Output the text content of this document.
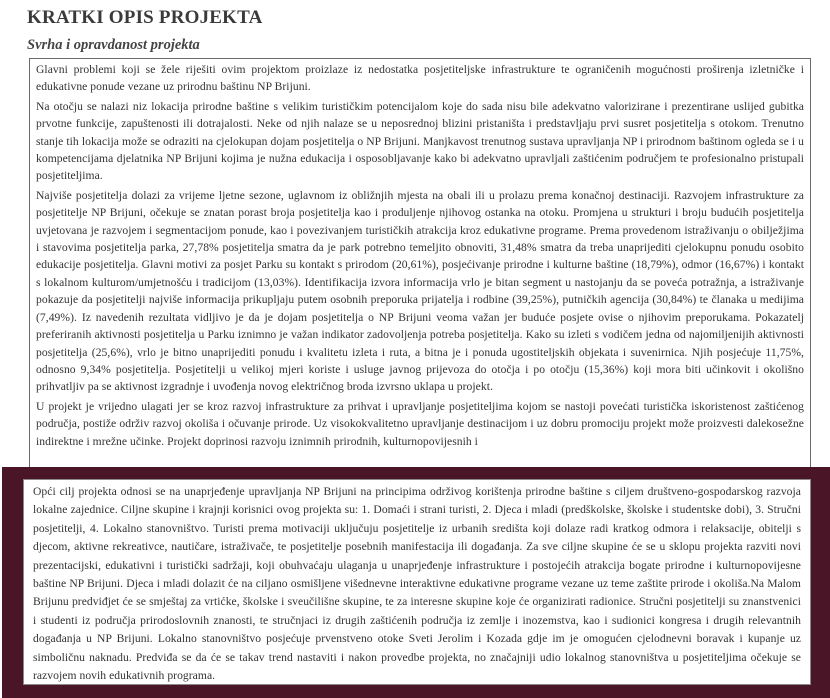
KRATKI OPIS PROJEKTA
Svrha i opravdanost projekta

Glavni problemi koji se žele riješiti ovim projektom proizlaze iz nedostatka posjetiteljske infrastrukture te ograničenih mogućnosti proširenja izletničke i edukativne ponude vezane uz prirodnu baštinu NP Brijuni.

Na otočju se nalazi niz lokacija prirodne baštine s velikim turističkim potencijalom koje do sada nisu bile adekvatno valorizirane i prezentirane uslijed gubitka prvotne funkcije, zapuštenosti ili dotrajalosti. Neke od njih nalaze se u neposrednoj blizini pristaništa i predstavljaju prvi susret posjetitelja s otokom. Trenutno stanje tih lokacija može se odraziti na cjelokupan dojam posjetitelja o NP Brijuni. Manjkavost trenutnog sustava upravljanja NP i prirodnom baštinom ogleda se i u kompetencijama djelatnika NP Brijuni kojima je nužna edukacija i osposobljavanje kako bi adekvatno upravljali zaštićenim područjem te profesionalno pristupali posjetiteljima.

Najviše posjetitelja dolazi za vrijeme ljetne sezone, uglavnom iz obližnjih mjesta na obali ili u prolazu prema konačnoj destinaciji. Razvojem infrastrukture za posjetitelje NP Brijuni, očekuje se znatan porast broja posjetitelja kao i produljenje njihovog ostanka na otoku. Promjena u strukturi i broju budućih posjetitelja uvjetovana je razvojem i segmentacijom ponude, kao i povezivanjem turističkih atrakcija kroz edukativne programe. Prema provedenom istraživanju o obilježjima i stavovima posjetitelja parka, 27,78% posjetitelja smatra da je park potrebno temeljito obnoviti, 31,48% smatra da treba unaprijediti cjelokupnu ponudu osobito edukacije posjetitelja. Glavni motivi za posjet Parku su kontakt s prirodom (20,61%), posjećivanje prirodne i kulturne baštine (18,79%), odmor (16,67%) i kontakt s lokalnom kulturom/umjetnošću i tradicijom (13,03%). Identifikacija izvora informacija vrlo je bitan segment u nastojanju da se poveća potražnja, a istraživanje pokazuje da posjetitelji najviše informacija prikupljaju putem osobnih preporuka prijatelja i rodbine (39,25%), putničkih agencija (30,84%) te članaka u medijima (7,49%). Iz navedenih rezultata vidljivo je da je dojam posjetitelja o NP Brijuni veoma važan jer buduće posjete ovise o njihovim preporukama. Pokazatelj preferiranih aktivnosti posjetitelja u Parku iznimno je važan indikator zadovoljenja potreba posjetitelja. Kako su izleti s vodičem jedna od najomiljenijih aktivnosti posjetitelja (25,6%), vrlo je bitno unaprijediti ponudu i kvalitetu izleta i ruta, a bitna je i ponuda ugostiteljskih objekata i suvenirnica. Njih posjećuje 11,75%, odnosno 9,34% posjetitelja. Posjetitelji u velikoj mjeri koriste i usluge javnog prijevoza do otočja i po otočju (15,36%) koji mora biti učinkovit i okolišno prihvatljiv pa se aktivnost izgradnje i uvođenja novog električnog broda izvrsno uklapa u projekt.

U projekt je vrijedno ulagati jer se kroz razvoj infrastrukture za prihvat i upravljanje posjetiteljima kojom se nastoji povećati turistička iskoristenost zaštićenog područja, postiže održiv razvoj okoliša i očuvanje prirode. Uz visokokvalitetno upravljanje destinacijom i uz dobru promociju projekt može proizvesti dalekosežne indirektne i mrežne učinke. Projekt doprinosi razvoju iznimnih prirodnih, kulturnopovijesnih i

Opći cilj projekta odnosi se na unaprjeđenje upravljanja NP Brijuni na principima održivog korištenja prirodne baštine s ciljem društveno-gospodarskog razvoja lokalne zajednice. Ciljne skupine i krajnji korisnici ovog projekta su: 1. Domaći i strani turisti, 2. Djeca i mladi (predškolske, školske i studentske dobi), 3. Stručni posjetitelji, 4. Lokalno stanovništvo. Turisti prema motivaciji uključuju posjetitelje iz urbanih središta koji dolaze radi kratkog odmora i relaksacije, obitelji s djecom, aktivne rekreativce, nautičare, istraživače, te posjetitelje posebnih manifestacija ili događanja. Za sve ciljne skupine će se u sklopu projekta razviti novi prezentacijski, edukativni i turistički sadržaji, koji obuhvaćaju ulaganja u unaprjeđenje infrastrukture i postojećih atrakcija bogate prirodne i kulturnopovijesne baštine NP Brijuni. Djeca i mladi dolazit će na ciljano osmišljene višednevne interaktivne edukativne programe vezane uz teme zaštite prirode i okoliša.Na Malom Brijunu predviđjet će se smještaj za vrtićke, školske i sveučilišne skupine, te za interesne skupine koje će organizirati radionice. Stručni posjetitelji su znanstvenici i studenti iz područja prirodoslovnih znanosti, te stručnjaci iz drugih zaštićenih područja iz zemlje i inozemstva, kao i sudionici kongresa i drugih relevantnih događanja u NP Brijuni. Lokalno stanovništvo posjećuje prvenstveno otoke Sveti Jerolim i Kozada gdje im je omogućen cjelodnevni boravak i kupanje uz simboličnu naknadu. Predviđa se da će se takav trend nastaviti i nakon provedbe projekta, no značajniji udio lokalnog stanovništva u posjetiteljima očekuje se razvojem novih edukativnih programa.
